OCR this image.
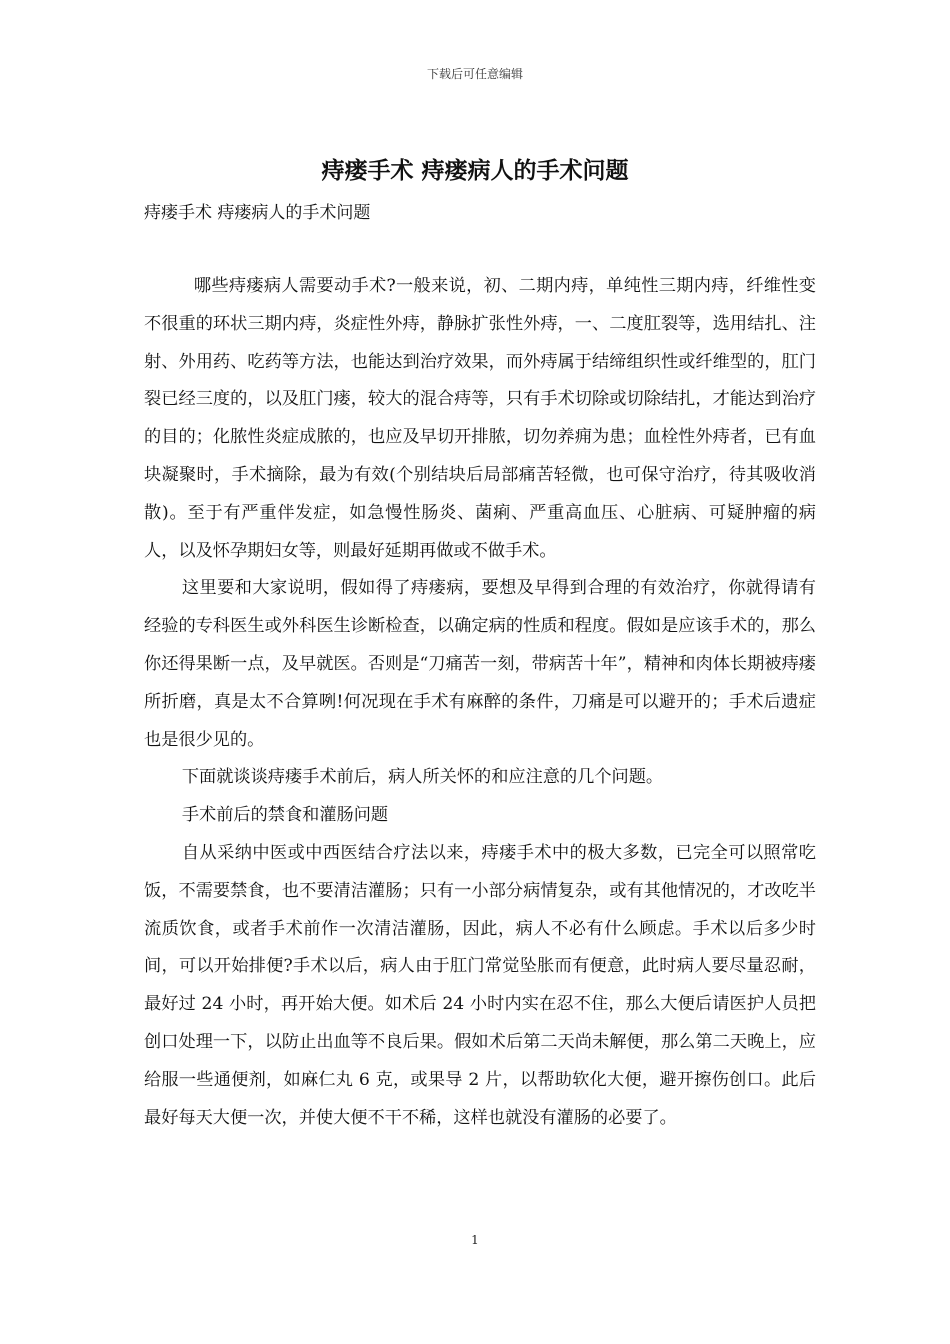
下载后可任意编辑
痔瘘手术 痔瘘病人的手术问题

痔瘘手术 痔瘘病人的手术问题

哪些痔瘘病人需要动手术?一般来说，初、二期内痔，单纯性三期内痔，纤维性变不很重的环状三期内痔，炎症性外痔，静脉扩张性外痔，一、二度肛裂等，选用结扎、注射、外用药、吃药等方法，也能达到治疗效果，而外痔属于结缔组织性或纤维型的，肛门裂已经三度的，以及肛门瘘，较大的混合痔等，只有手术切除或切除结扎，才能达到治疗的目的；化脓性炎症成脓的，也应及早切开排脓，切勿养痈为患；血栓性外痔者，已有血块凝聚时，手术摘除，最为有效(个别结块后局部痛苦轻微，也可保守治疗，待其吸收消散)。至于有严重伴发症，如急慢性肠炎、菌痢、严重高血压、心脏病、可疑肿瘤的病人，以及怀孕期妇女等，则最好延期再做或不做手术。

这里要和大家说明，假如得了痔瘘病，要想及早得到合理的有效治疗，你就得请有经验的专科医生或外科医生诊断检查，以确定病的性质和程度。假如是应该手术的，那么你还得果断一点，及早就医。否则是“刀痛苦一刻，带病苦十年”，精神和肉体长期被痔瘘所折磨，真是太不合算咧!何况现在手术有麻醉的条件，刀痛是可以避开的；手术后遗症也是很少见的。

下面就谈谈痔瘘手术前后，病人所关怀的和应注意的几个问题。

手术前后的禁食和灌肠问题

自从采纳中医或中西医结合疗法以来，痔瘘手术中的极大多数，已完全可以照常吃饭，不需要禁食，也不要清洁灌肠；只有一小部分病情复杂，或有其他情况的，才改吃半流质饮食，或者手术前作一次清洁灌肠，因此，病人不必有什么顾虑。手术以后多少时间，可以开始排便?手术以后，病人由于肛门常觉坠胀而有便意，此时病人要尽量忍耐，最好过 24 小时，再开始大便。如术后 24 小时内实在忍不住，那么大便后请医护人员把创口处理一下，以防止出血等不良后果。假如术后第二天尚未解便，那么第二天晚上，应给服一些通便剂，如麻仁丸 6 克，或果导 2 片，以帮助软化大便，避开擦伤创口。此后最好每天大便一次，并使大便不干不稀，这样也就没有灌肠的必要了。

1
